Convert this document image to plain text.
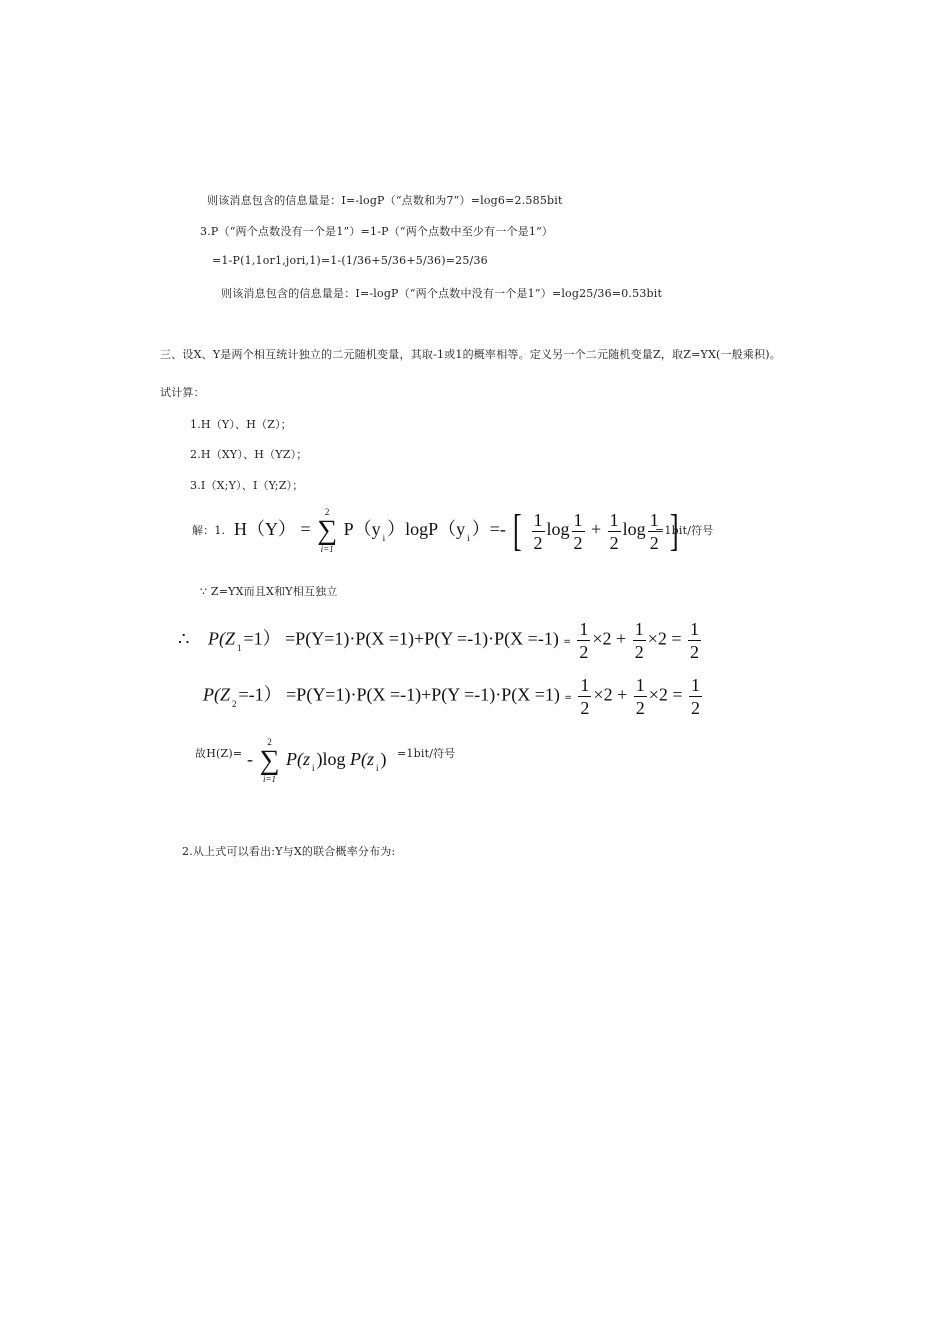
则该消息包含的信息量是：I=-logP（“点数和为7”）=log6=2.585bit
3.P（“两个点数没有一个是1”）=1-P（“两个点数中至少有一个是1”）
=1-P(1,1or1,jori,1)=1-(1/36+5/36+5/36)=25/36
则该消息包含的信息量是：I=-logP（“两个点数中没有一个是1”）=log25/36=0.53bit
三、设X、Y是两个相互统计独立的二元随机变量，其取-1或1的概率相等。定义另一个二元随机变量Z，取Z=YX(一般乘积)。
试计算：
1.H（Y）、H（Z）；
2.H（XY）、H（YZ）；
3.I（X;Y）、I（Y;Z）；
解：1. H（Y） =
2
∑
i=1
P（y $_i$ ）logP（y $_i$ ）=- [ $\frac{1}{2}$ $\log \frac{1}{2} + \frac{1}{2}$ $\log \frac{1}{2}$ ]
=1bit/符号
∵ Z=YX而且X和Y相互独立
∴ P(Z $_1 =1) =P(Y=1)\cdot P(X =1)+P(Y =-1)\cdot P(X =-1) = \frac{1}{2} \times 2 + \frac{1}{2} \times 2 = \frac{1}{2}$
P(Z $_2 =-1) =P(Y=1)\cdot P(X =-1)+P(Y =-1)\cdot P(X =1) = \frac{1}{2} \times 2 + \frac{1}{2} \times 2 = \frac{1}{2}$
故H(Z)= -
2
∑
i=1
P(z $_i$ )log P(z $_i$ ) =1bit/符号
2.从上式可以看出:Y与X的联合概率分布为:
